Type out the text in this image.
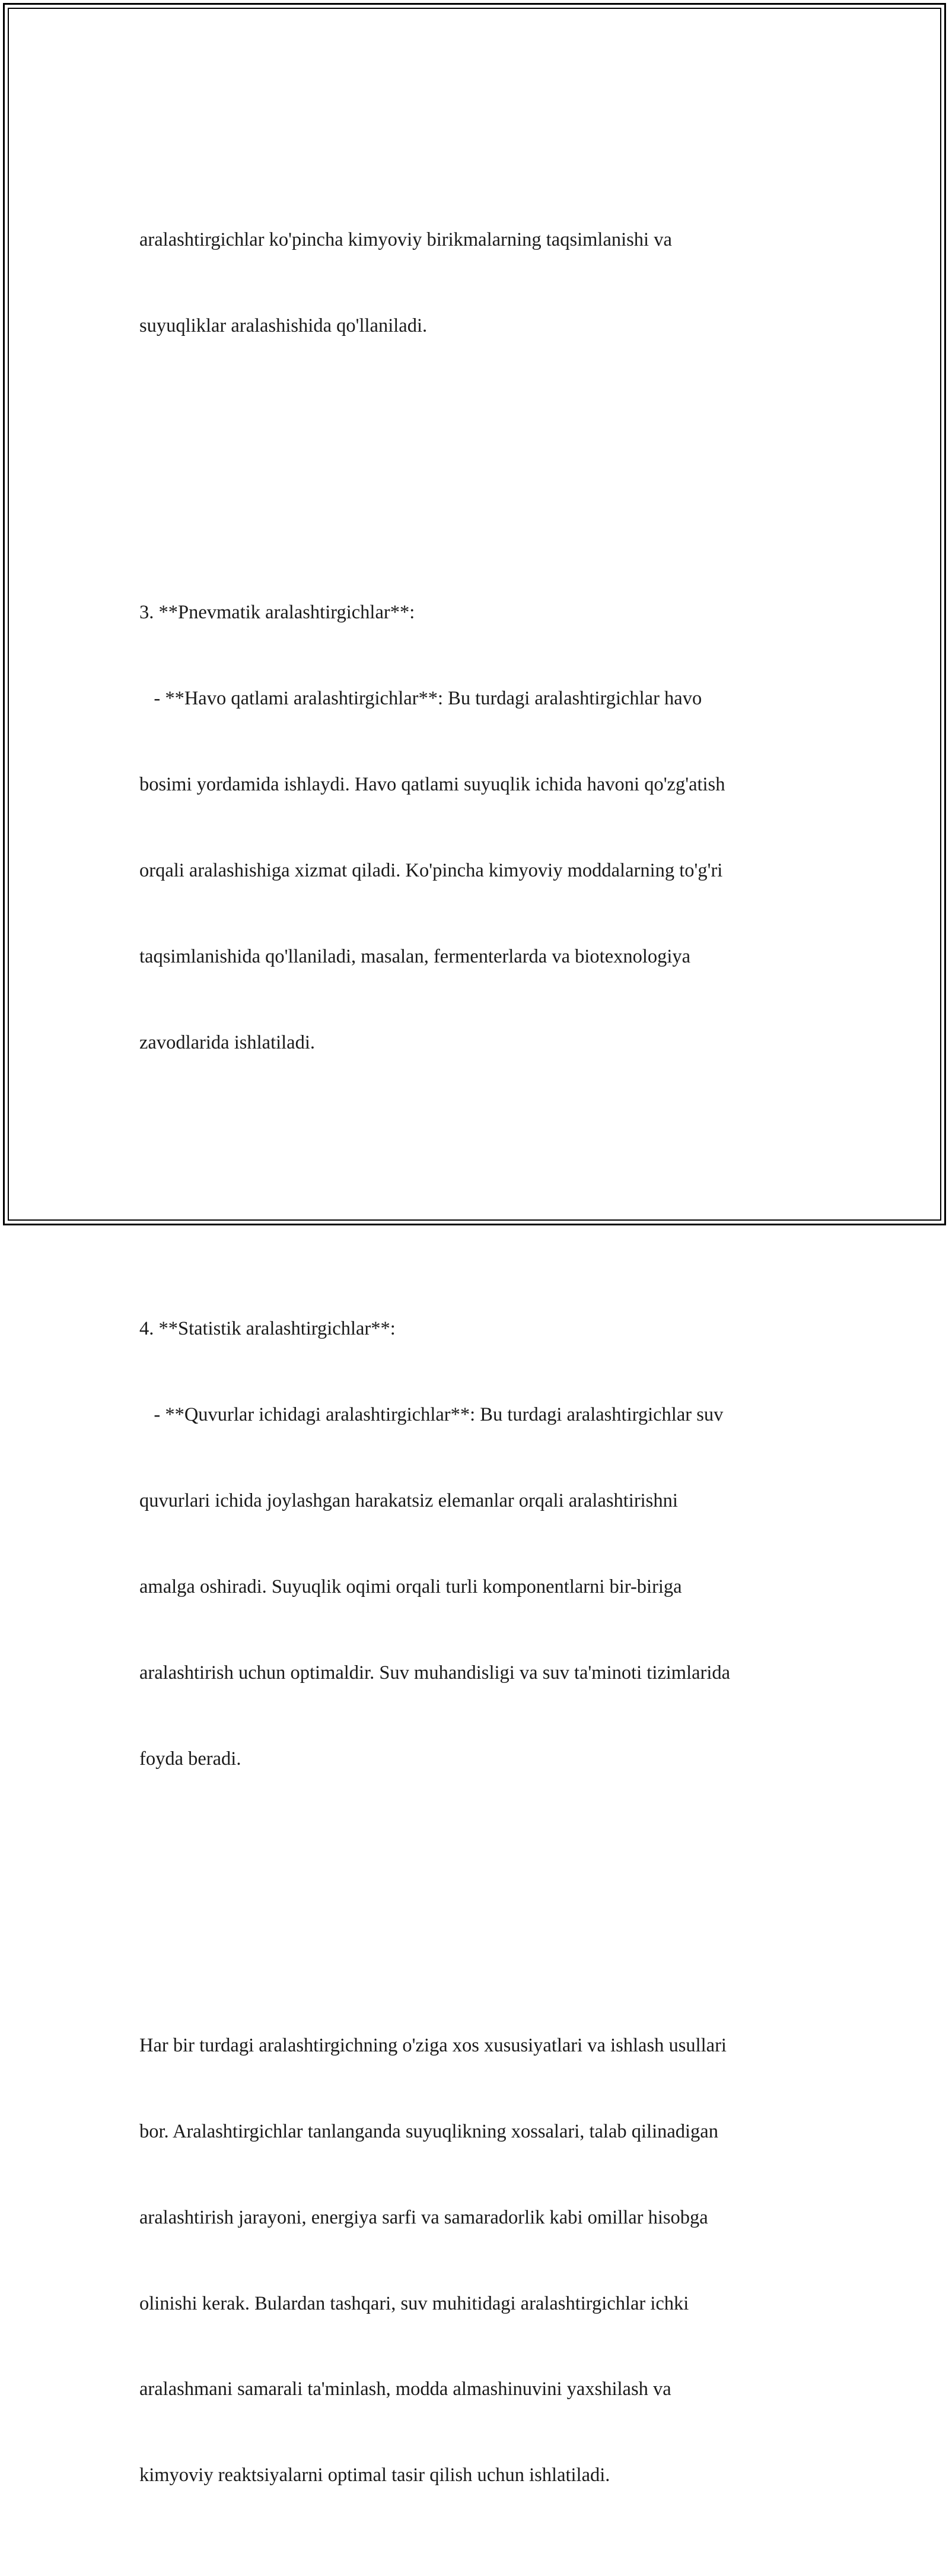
aralashtirgichlar ko'pincha kimyoviy birikmalarning taqsimlanishi va

suyuqliklar aralashishida qo'llaniladi.

3. **Pnevmatik aralashtirgichlar**:

- **Havo qatlami aralashtirgichlar**: Bu turdagi aralashtirgichlar havo

bosimi yordamida ishlaydi. Havo qatlami suyuqlik ichida havoni qo'zg'atish

orqali aralashishiga xizmat qiladi. Ko'pincha kimyoviy moddalarning to'g'ri

taqsimlanishida qo'llaniladi, masalan, fermenterlarda va biotexnologiya

zavodlarida ishlatiladi.

4. **Statistik aralashtirgichlar**:

- **Quvurlar ichidagi aralashtirgichlar**: Bu turdagi aralashtirgichlar suv

quvurlari ichida joylashgan harakatsiz elemanlar orqali aralashtirishni

amalga oshiradi. Suyuqlik oqimi orqali turli komponentlarni bir-biriga

aralashtirish uchun optimaldir. Suv muhandisligi va suv ta'minoti tizimlarida

foyda beradi.

Har bir turdagi aralashtirgichning o'ziga xos xususiyatlari va ishlash usullari

bor. Aralashtirgichlar tanlanganda suyuqlikning xossalari, talab qilinadigan

aralashtirish jarayoni, energiya sarfi va samaradorlik kabi omillar hisobga

olinishi kerak. Bulardan tashqari, suv muhitidagi aralashtirgichlar ichki

aralashmani samarali ta'minlash, modda almashinuvini yaxshilash va

kimyoviy reaktsiyalarni optimal tasir qilish uchun ishlatiladi.
